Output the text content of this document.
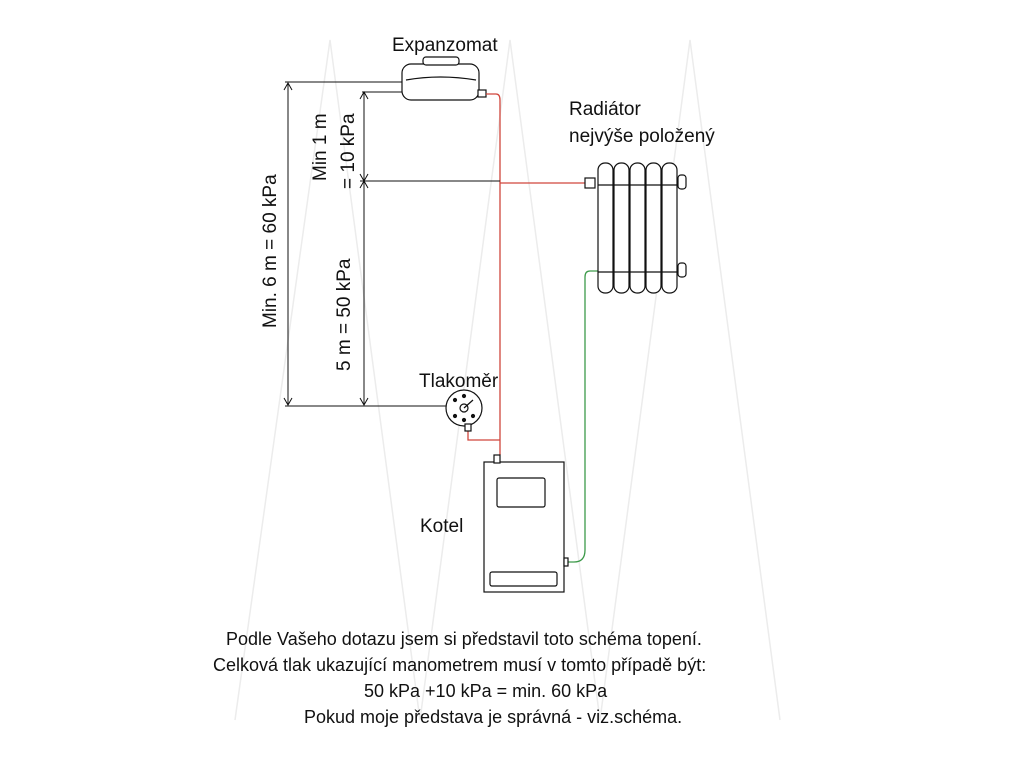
Expanzomat
Radiátor
nejvýše položený
Tlakoměr
Kotel
Min. 6 m = 60 kPa
Min 1 m = 10 kPa
5 m = 50 kPa
Podle Vašeho dotazu jsem si představil toto schéma topení.
Celková tlak ukazující manometrem musí v tomto případě být:
50 kPa +10 kPa = min. 60 kPa
Pokud moje představa je správná - viz.schéma.
